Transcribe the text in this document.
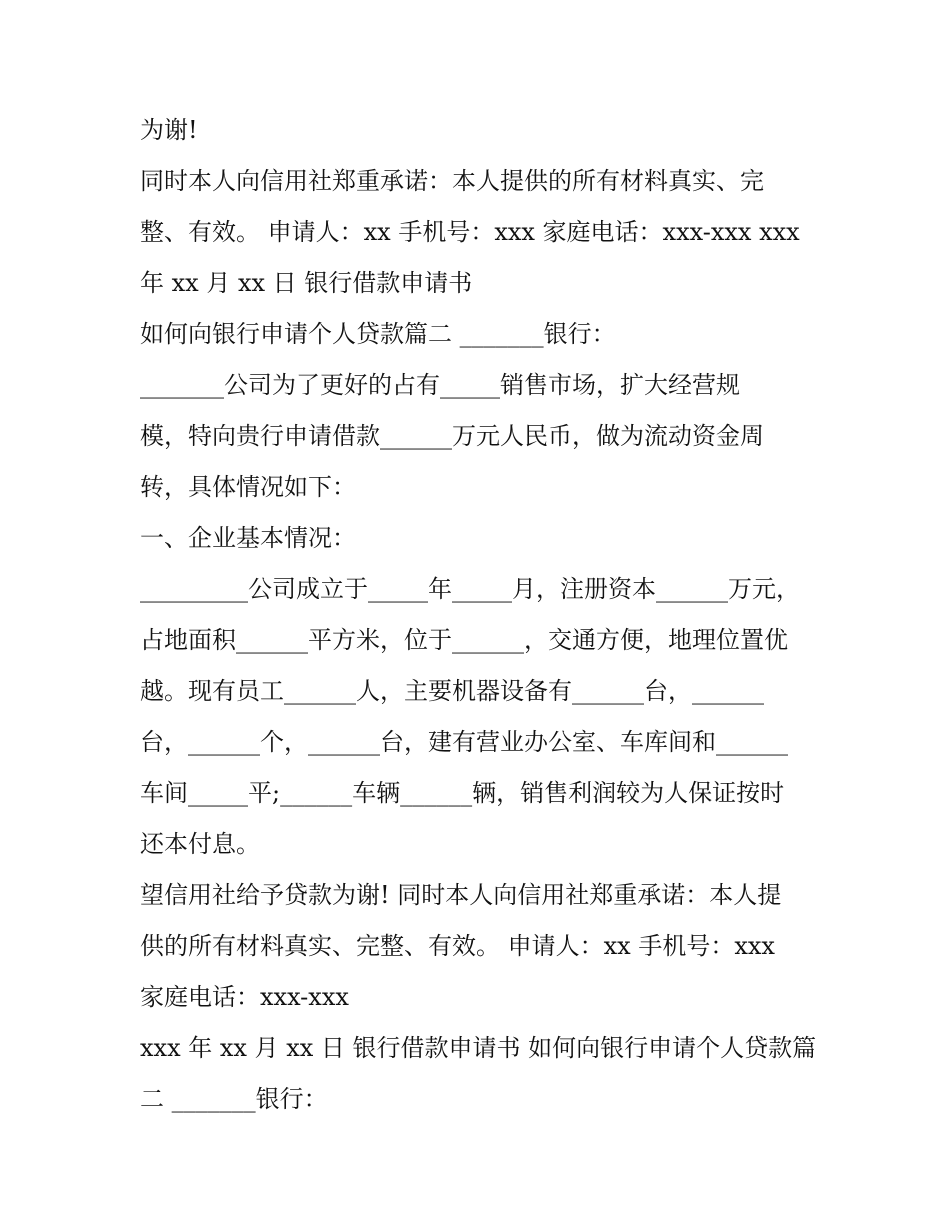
为谢!
同时本人向信用社郑重承诺：本人提供的所有材料真实、完
整、有效。 申请人：xx 手机号：xxx 家庭电话：xxx-xxx xxx
年 xx 月 xx 日 银行借款申请书
如何向银行申请个人贷款篇二 _______银行：
_______公司为了更好的占有_____销售市场，扩大经营规
模，特向贵行申请借款______万元人民币，做为流动资金周
转，具体情况如下：
一、企业基本情况：
_________公司成立于_____年_____月，注册资本______万元，
占地面积______平方米，位于______，交通方便，地理位置优
越。现有员工______人，主要机器设备有______台，______
台，______个，______台，建有营业办公室、车库间和______
车间_____平;______车辆______辆，销售利润较为人保证按时
还本付息。
望信用社给予贷款为谢! 同时本人向信用社郑重承诺：本人提
供的所有材料真实、完整、有效。 申请人：xx 手机号：xxx
家庭电话：xxx-xxx
xxx 年 xx 月 xx 日 银行借款申请书 如何向银行申请个人贷款篇
二 _______银行：
